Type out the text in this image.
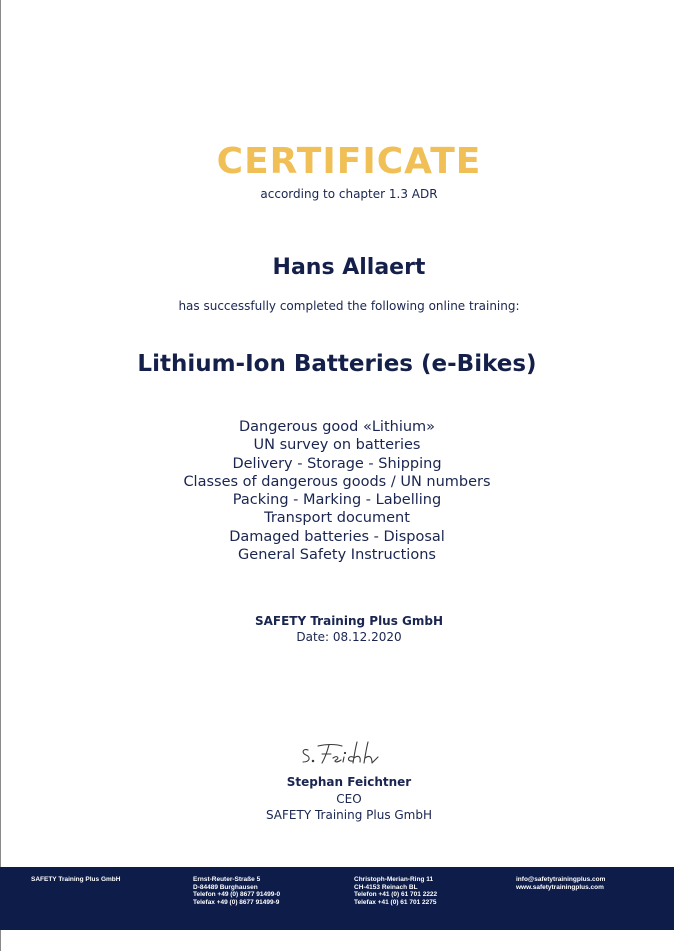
CERTIFICATE
according to chapter 1.3 ADR
Hans Allaert
has successfully completed the following online training:
Lithium-Ion Batteries (e-Bikes)
Dangerous good «Lithium»
UN survey on batteries
Delivery - Storage - Shipping
Classes of dangerous goods / UN numbers
Packing - Marking - Labelling
Transport document
Damaged batteries - Disposal
General Safety Instructions
SAFETY Training Plus GmbH
Date: 08.12.2020
Stephan Feichtner
CEO
SAFETY Training Plus GmbH
SAFETY Training Plus GmbH	Ernst-Reuter-Straße 5
D-84489 Burghausen
Telefon +49 (0) 8677 91499-0
Telefax +49 (0) 8677 91499-9
Christoph-Merian-Ring 11
CH-4153 Reinach BL
Telefon +41 (0) 61 701 2222
Telefax +41 (0) 61 701 2275
info@safetytrainingplus.com
www.safetytrainingplus.com
